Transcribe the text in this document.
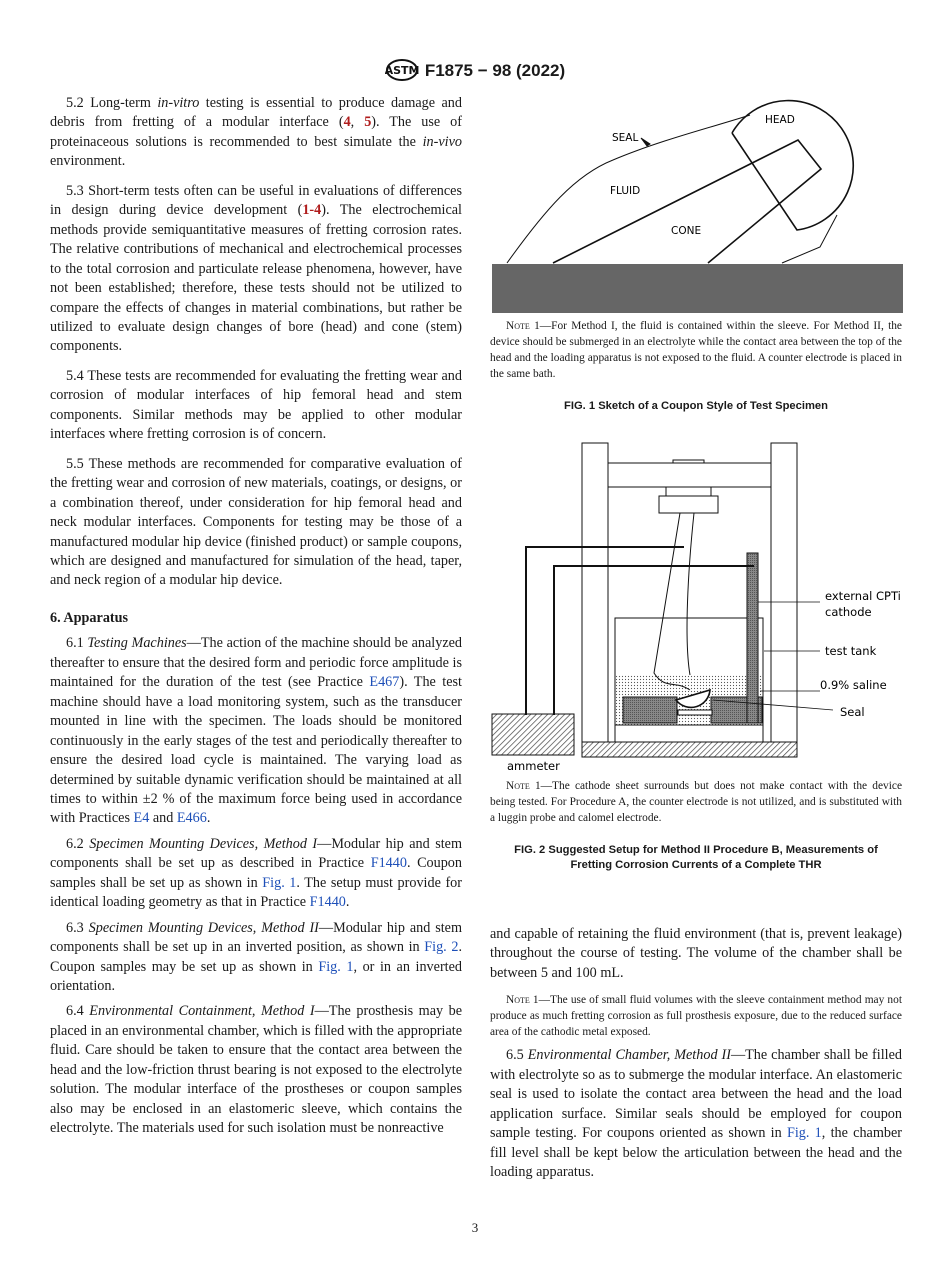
ASTM F1875 − 98 (2022)

5.2 Long-term in-vitro testing is essential to produce damage and debris from fretting of a modular interface (4, 5). The use of proteinaceous solutions is recommended to best simulate the in-vivo environment.

5.3 Short-term tests often can be useful in evaluations of differences in design during device development (1-4). The electrochemical methods provide semiquantitative measures of fretting corrosion rates. The relative contributions of mechanical and electrochemical processes to the total corrosion and particulate release phenomena, however, have not been established; therefore, these tests should not be utilized to compare the effects of changes in material combinations, but rather be utilized to evaluate design changes of bore (head) and cone (stem) components.

5.4 These tests are recommended for evaluating the fretting wear and corrosion of modular interfaces of hip femoral head and stem components. Similar methods may be applied to other modular interfaces where fretting corrosion is of concern.

5.5 These methods are recommended for comparative evaluation of the fretting wear and corrosion of new materials, coatings, or designs, or a combination thereof, under consideration for hip femoral head and neck modular interfaces. Components for testing may be those of a manufactured modular hip device (finished product) or sample coupons, which are designed and manufactured for simulation of the head, taper, and neck region of a modular hip device.

6. Apparatus

6.1 Testing Machines—The action of the machine should be analyzed thereafter to ensure that the desired form and periodic force amplitude is maintained for the duration of the test (see Practice E467). The test machine should have a load monitoring system, such as the transducer mounted in line with the specimen. The loads should be monitored continuously in the early stages of the test and periodically thereafter to ensure the desired load cycle is maintained. The varying load as determined by suitable dynamic verification should be maintained at all times to within ±2 % of the maximum force being used in accordance with Practices E4 and E466.

6.2 Specimen Mounting Devices, Method I—Modular hip and stem components shall be set up as described in Practice F1440. Coupon samples shall be set up as shown in Fig. 1. The setup must provide for identical loading geometry as that in Practice F1440.

6.3 Specimen Mounting Devices, Method II—Modular hip and stem components shall be set up in an inverted position, as shown in Fig. 2. Coupon samples may be set up as shown in Fig. 1, or in an inverted orientation.

6.4 Environmental Containment, Method I—The prosthesis may be placed in an environmental chamber, which is filled with the appropriate fluid. Care should be taken to ensure that the contact area between the head and the low-friction thrust bearing is not exposed to the electrolyte solution. The modular interface of the prostheses or coupon samples also may be enclosed in an elastomeric sleeve, which contains the electrolyte. The materials used for such isolation must be nonreactive

SEAL
HEAD
FLUID
CONE

Note 1—For Method I, the fluid is contained within the sleeve. For Method II, the device should be submerged in an electrolyte while the contact area between the top of the head and the loading apparatus is not exposed to the fluid. A counter electrode is placed in the same bath.

FIG. 1 Sketch of a Coupon Style of Test Specimen
external CPTi
cathode
test tank
0.9% saline
Seal
ammeter

Note 1—The cathode sheet surrounds but does not make contact with the device being tested. For Procedure A, the counter electrode is not utilized, and is substituted with a luggin probe and calomel electrode.

FIG. 2 Suggested Setup for Method II Procedure B, Measurements of Fretting Corrosion Currents of a Complete THR

and capable of retaining the fluid environment (that is, prevent leakage) throughout the course of testing. The volume of the chamber shall be between 5 and 100 mL.

Note 1—The use of small fluid volumes with the sleeve containment method may not produce as much fretting corrosion as full prosthesis exposure, due to the reduced surface area of the cathodic metal exposed.

6.5 Environmental Chamber, Method II—The chamber shall be filled with electrolyte so as to submerge the modular interface. An elastomeric seal is used to isolate the contact area between the head and the load application surface. Similar seals should be employed for coupon sample testing. For coupons oriented as shown in Fig. 1, the chamber fill level shall be kept below the articulation between the head and the loading apparatus.

3
